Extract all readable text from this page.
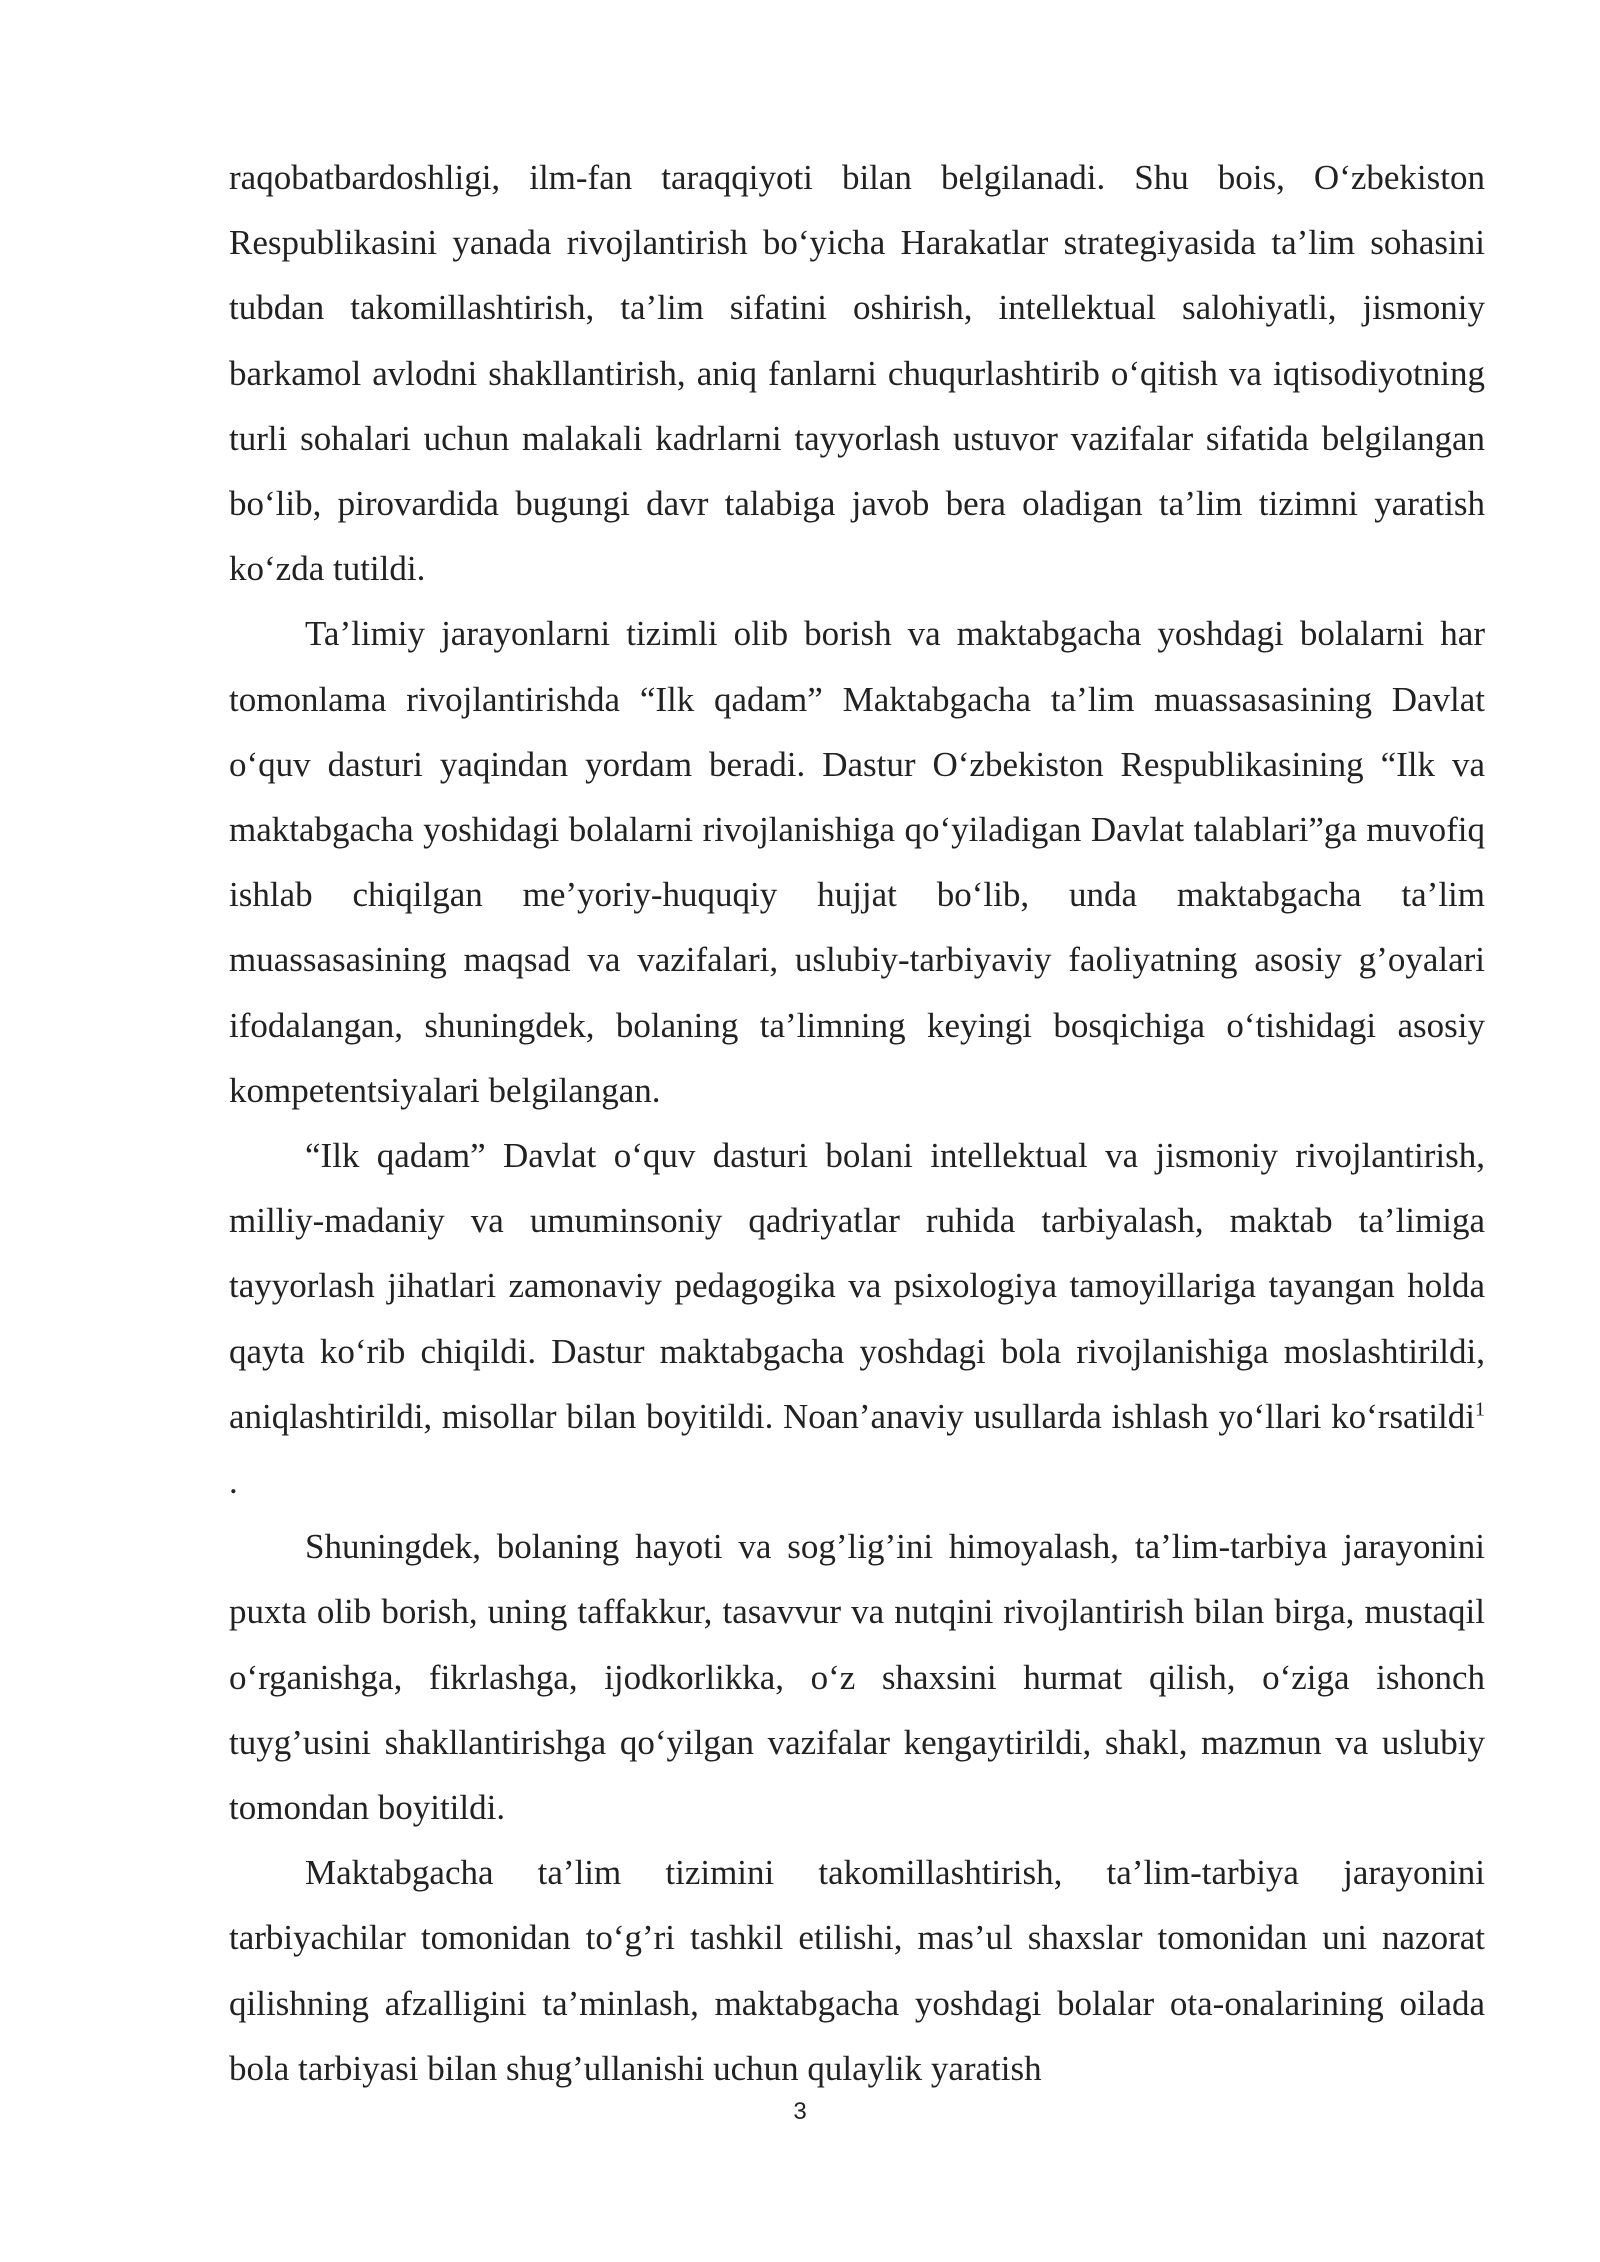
raqobatbardoshligi, ilm-fan taraqqiyoti bilan belgilanadi. Shu bois, O‘zbekiston Respublikasini yanada rivojlantirish bo‘yicha Harakatlar strategiyasida ta’lim sohasini tubdan takomillashtirish, ta’lim sifatini oshirish, intellektual salohiyatli, jismoniy barkamol avlodni shakllantirish, aniq fanlarni chuqurlashtirib o‘qitish va iqtisodiyotning turli sohalari uchun malakali kadrlarni tayyorlash ustuvor vazifalar sifatida belgilangan bo‘lib, pirovardida bugungi davr talabiga javob bera oladigan ta’lim tizimni yaratish ko‘zda tutildi.

Ta’limiy jarayonlarni tizimli olib borish va maktabgacha yoshdagi bolalarni har tomonlama rivojlantirishda “Ilk qadam” Maktabgacha ta’lim muassasasining Davlat o‘quv dasturi yaqindan yordam beradi. Dastur O‘zbekiston Respublikasining “Ilk va maktabgacha yoshidagi bolalarni rivojlanishiga qo‘yiladigan Davlat talablari”ga muvofiq ishlab chiqilgan me’yoriy-huquqiy hujjat bo‘lib, unda maktabgacha ta’lim muassasasining maqsad va vazifalari, uslubiy-tarbiyaviy faoliyatning asosiy g’oyalari ifodalangan, shuningdek, bolaning ta’limning keyingi bosqichiga o‘tishidagi asosiy kompetentsiyalari belgilangan.

“Ilk qadam” Davlat o‘quv dasturi bolani intellektual va jismoniy rivojlantirish, milliy-madaniy va umuminsoniy qadriyatlar ruhida tarbiyalash, maktab ta’limiga tayyorlash jihatlari zamonaviy pedagogika va psixologiya tamoyillariga tayangan holda qayta ko‘rib chiqildi. Dastur maktabgacha yoshdagi bola rivojlanishiga moslashtirildi, aniqlashtirildi, misollar bilan boyitildi. Noan’anaviy usullarda ishlash yo‘llari ko‘rsatildi$^1$ .

Shuningdek, bolaning hayoti va sog’lig’ini himoyalash, ta’lim-tarbiya jarayonini puxta olib borish, uning taffakkur, tasavvur va nutqini rivojlantirish bilan birga, mustaqil o‘rganishga, fikrlashga, ijodkorlikka, o‘z shaxsini hurmat qilish, o‘ziga ishonch tuyg’usini shakllantirishga qo‘yilgan vazifalar kengaytirildi, shakl, mazmun va uslubiy tomondan boyitildi.

Maktabgacha ta’lim tizimini takomillashtirish, ta’lim-tarbiya jarayonini tarbiyachilar tomonidan to‘g’ri tashkil etilishi, mas’ul shaxslar tomonidan uni nazorat qilishning afzalligini ta’minlash, maktabgacha yoshdagi bolalar ota-onalarining oilada bola tarbiyasi bilan shug’ullanishi uchun qulaylik yaratish

3
